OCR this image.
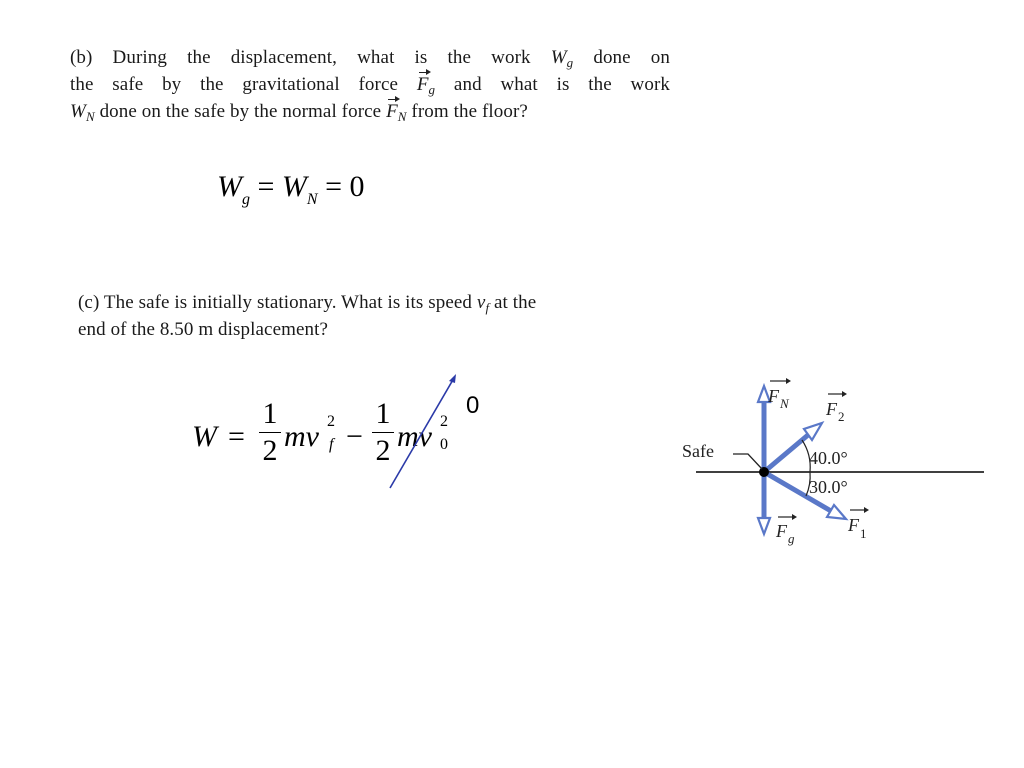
(b) During the displacement, what is the work $W_g$ done on
the safe by the gravitational force $F_g$ and what is the work
$W_N$ done on the safe by the normal force $F_N$ from the floor?
$W_g = W_N = 0$
(c) The safe is initially stationary. What is its speed $v_f$ at the
end of the 8.50 m displacement?
W =
1
2 mv 2
f −
1
2 mv 2
0
0
Safe	40.0°
30.0°
F N F 2
F 1
F g
